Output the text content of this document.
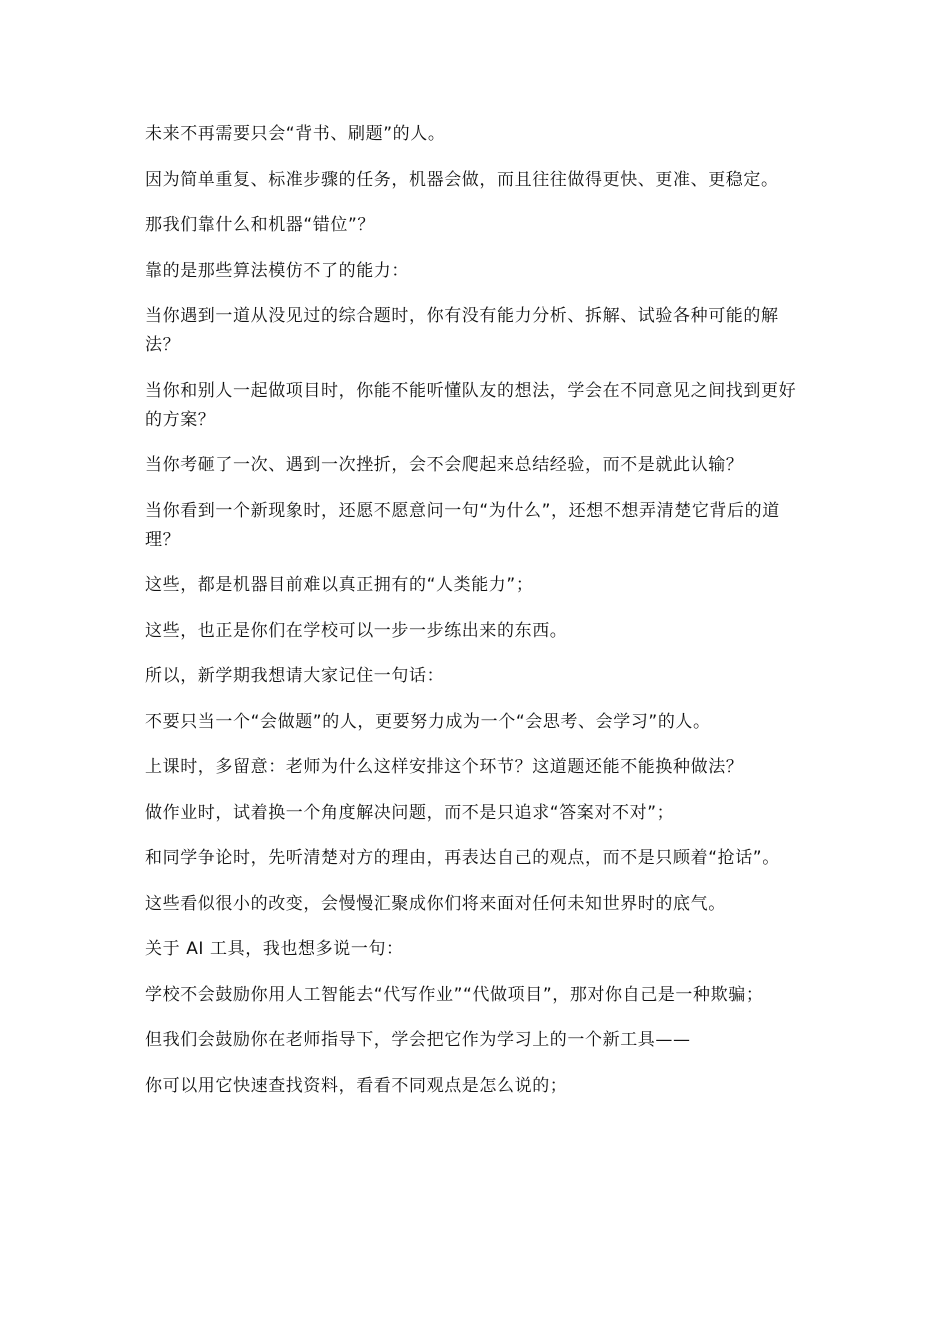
未来不再需要只会“背书、刷题”的人。

因为简单重复、标准步骤的任务，机器会做，而且往往做得更快、更准、更稳定。

那我们靠什么和机器“错位”？

靠的是那些算法模仿不了的能力：

当你遇到一道从没见过的综合题时，你有没有能力分析、拆解、试验各种可能的解法？

当你和别人一起做项目时，你能不能听懂队友的想法，学会在不同意见之间找到更好的方案？

当你考砸了一次、遇到一次挫折，会不会爬起来总结经验，而不是就此认输？

当你看到一个新现象时，还愿不愿意问一句“为什么”，还想不想弄清楚它背后的道理？

这些，都是机器目前难以真正拥有的“人类能力”；

这些，也正是你们在学校可以一步一步练出来的东西。

所以，新学期我想请大家记住一句话：

不要只当一个“会做题”的人，更要努力成为一个“会思考、会学习”的人。

上课时，多留意：老师为什么这样安排这个环节？这道题还能不能换种做法？

做作业时，试着换一个角度解决问题，而不是只追求“答案对不对”；

和同学争论时，先听清楚对方的理由，再表达自己的观点，而不是只顾着“抢话”。

这些看似很小的改变，会慢慢汇聚成你们将来面对任何未知世界时的底气。

关于 AI 工具，我也想多说一句：

学校不会鼓励你用人工智能去“代写作业”“代做项目”，那对你自己是一种欺骗；

但我们会鼓励你在老师指导下，学会把它作为学习上的一个新工具——

你可以用它快速查找资料，看看不同观点是怎么说的；
